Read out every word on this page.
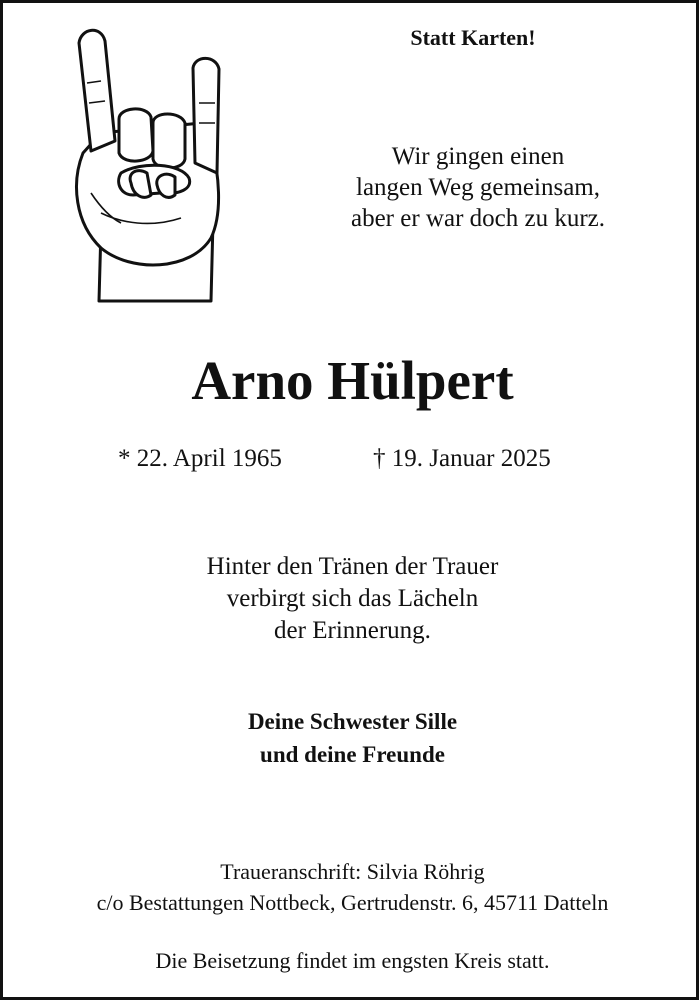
Statt Karten!
Wir gingen einen
langen Weg gemeinsam,
aber er war doch zu kurz.
Arno Hülpert
* 22. April 1965	† 19. Januar 2025
Hinter den Tränen der Trauer
verbirgt sich das Lächeln
der Erinnerung.
Deine Schwester Sille
und deine Freunde
Traueranschrift: Silvia Röhrig
c/o Bestattungen Nottbeck, Gertrudenstr. 6, 45711 Datteln
Die Beisetzung findet im engsten Kreis statt.
